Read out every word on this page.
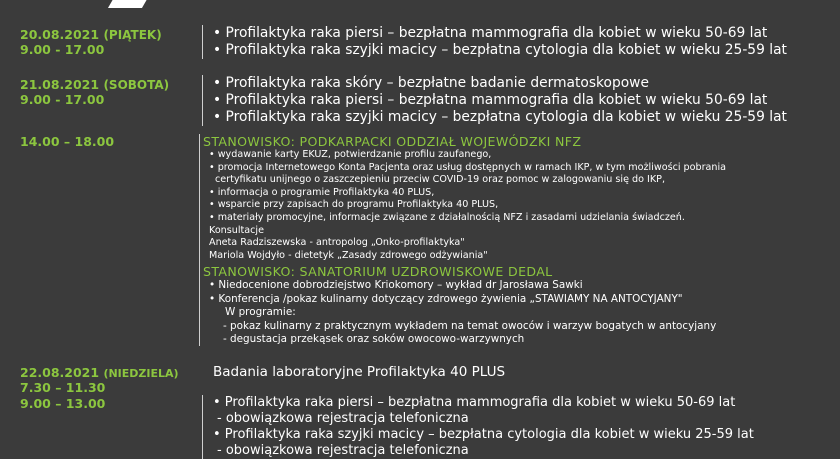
20.08.2021 (PIĄTEK)

9.00 - 17.00

• Profilaktyka raka piersi – bezpłatna mammografia dla kobiet w wieku 50-69 lat
• Profilaktyka raka szyjki macicy – bezpłatna cytologia dla kobiet w wieku 25-59 lat

21.08.2021 (SOBOTA)

9.00 - 17.00

• Profilaktyka raka skóry – bezpłatne badanie dermatoskopowe
• Profilaktyka raka piersi – bezpłatna mammografia dla kobiet w wieku 50-69 lat
• Profilaktyka raka szyjki macicy – bezpłatna cytologia dla kobiet w wieku 25-59 lat

14.00 – 18.00	STANOWISKO: PODKARPACKI ODDZIAŁ WOJEWÓDZKI NFZ
• wydawanie karty EKUZ, potwierdzanie profilu zaufanego,
• promocja Internetowego Konta Pacjenta oraz usług dostępnych w ramach IKP, w tym możliwości pobrania
certyfikatu unijnego o zaszczepieniu przeciw COVID-19 oraz pomoc w zalogowaniu się do IKP,
• informacja o programie Profilaktyka 40 PLUS,
• wsparcie przy zapisach do programu Profilaktyka 40 PLUS,
• materiały promocyjne, informacje związane z działalnością NFZ i zasadami udzielania świadczeń.
Konsultacje
Aneta Radziszewska - antropolog „Onko-profilaktyka"
Mariola Wojdyło - dietetyk „Zasady zdrowego odżywiania"
STANOWISKO: SANATORIUM UZDROWISKOWE DEDAL
• Niedocenione dobrodziejstwo Kriokomory – wykład dr Jarosława Sawki
• Konferencja /pokaz kulinarny dotyczący zdrowego żywienia „STAWIAMY NA ANTOCYJANY"
W programie:
- pokaz kulinarny z praktycznym wykładem na temat owoców i warzyw bogatych w antocyjany
- degustacja przekąsek oraz soków owocowo-warzywnych

22.08.2021 (NIEDZIELA)

7.30 – 11.30

9.00 – 13.00

Badania laboratoryjne Profilaktyka 40 PLUS
• Profilaktyka raka piersi – bezpłatna mammografia dla kobiet w wieku 50-69 lat
- obowiązkowa rejestracja telefoniczna
• Profilaktyka raka szyjki macicy – bezpłatna cytologia dla kobiet w wieku 25-59 lat
- obowiązkowa rejestracja telefoniczna
